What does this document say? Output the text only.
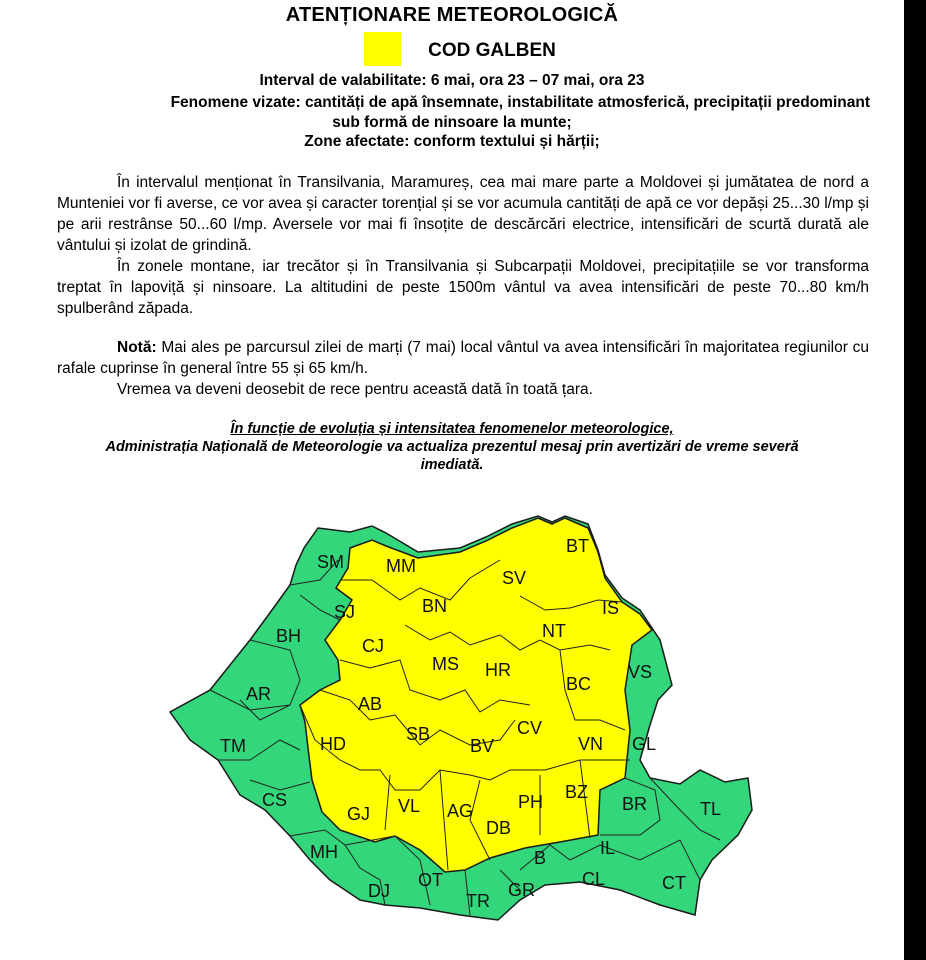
ATENȚIONARE METEOROLOGICĂ
COD GALBEN
Interval de valabilitate: 6 mai, ora 23 – 07 mai, ora 23
Fenomene vizate: cantități de apă însemnate, instabilitate atmosferică, precipitații predominant
sub formă de ninsoare la munte;
Zone afectate: conform textului și hărții;
În intervalul menționat în Transilvania, Maramureș, cea mai mare parte a Moldovei și jumătatea de nord a Munteniei vor fi averse, ce vor avea și caracter torențial și se vor acumula cantități de apă ce vor depăși 25...30 l/mp și pe arii restrânse 50...60 l/mp. Aversele vor mai fi însoțite de descărcări electrice, intensificări de scurtă durată ale vântului și izolat de grindină.
În zonele montane, iar trecător și în Transilvania și Subcarpații Moldovei, precipitațiile se vor transforma treptat în lapoviță și ninsoare. La altitudini de peste 1500m vântul va avea intensificări de peste 70...80 km/h spulberând zăpada.
Notă: Mai ales pe parcursul zilei de marți (7 mai) local vântul va avea intensificări în majoritatea regiunilor cu rafale cuprinse în general între 55 și 65 km/h.
Vremea va deveni deosebit de rece pentru această dată în toată țara.
În funcție de evoluția și intensitatea fenomenelor meteorologice,
Administrația Națională de Meteorologie va actualiza prezentul mesaj prin avertizări de vreme severă
imediată.
SM MM
BT
SV
SJ	BN	IS
BH	CJ
NT
MS HR	VS
BC
AR	AB
TM	HD	SB
BV
CV
VN GL
CS
GJ VL AG PH BZ
BR	TL
DB
MH	B	IL
CL
DJ
OT	GR	CT
TR
